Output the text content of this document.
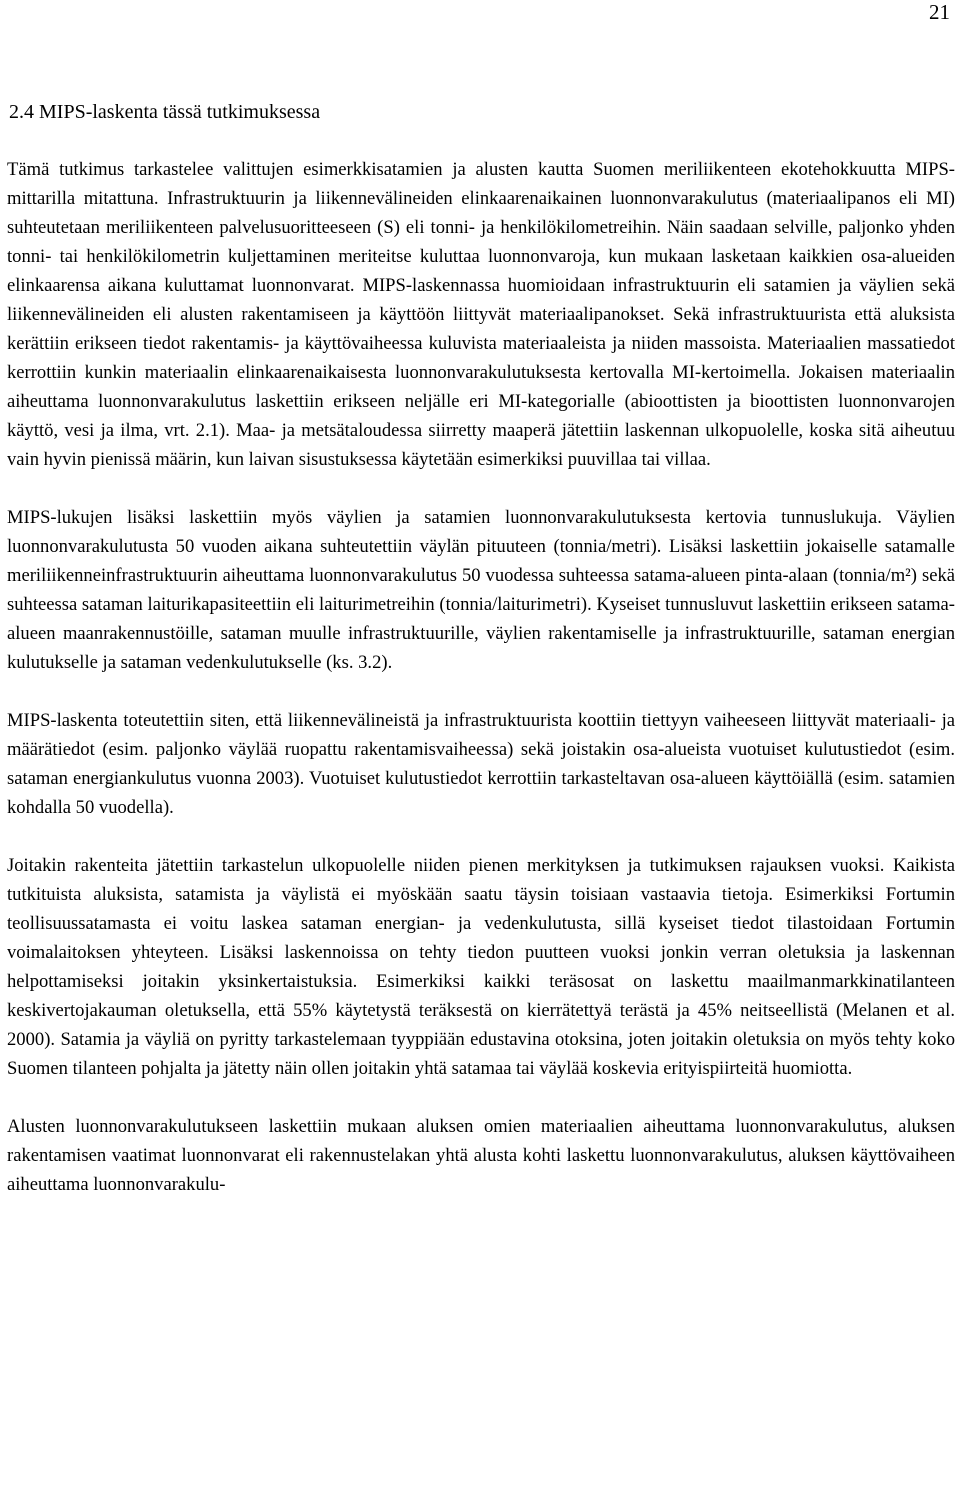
21
2.4 MIPS-laskenta tässä tutkimuksessa

Tämä tutkimus tarkastelee valittujen esimerkkisatamien ja alusten kautta Suomen meriliikenteen ekotehokkuutta MIPS-mittarilla mitattuna. Infrastruktuurin ja liikennevälineiden elinkaarenaikainen luonnonvarakulutus (materiaalipanos eli MI) suhteutetaan meriliikenteen palvelusuoritteeseen (S) eli tonni- ja henkilökilometreihin. Näin saadaan selville, paljonko yhden tonni- tai henkilökilometrin kuljettaminen meriteitse kuluttaa luonnonvaroja, kun mukaan lasketaan kaikkien osa-alueiden elinkaarensa aikana kuluttamat luonnonvarat. MIPS-laskennassa huomioidaan infrastruktuurin eli satamien ja väylien sekä liikennevälineiden eli alusten rakentamiseen ja käyttöön liittyvät materiaalipanokset. Sekä infrastruktuurista että aluksista kerättiin erikseen tiedot rakentamis- ja käyttövaiheessa kuluvista materiaaleista ja niiden massoista. Materiaalien massatiedot kerrottiin kunkin materiaalin elinkaarenaikaisesta luonnonvarakulutuksesta kertovalla MI-kertoimella. Jokaisen materiaalin aiheuttama luonnonvarakulutus laskettiin erikseen neljälle eri MI-kategorialle (abioottisten ja bioottisten luonnonvarojen käyttö, vesi ja ilma, vrt. 2.1). Maa- ja metsätaloudessa siirretty maaperä jätettiin laskennan ulkopuolelle, koska sitä aiheutuu vain hyvin pienissä määrin, kun laivan sisustuksessa käytetään esimerkiksi puuvillaa tai villaa.

MIPS-lukujen lisäksi laskettiin myös väylien ja satamien luonnonvarakulutuksesta kertovia tunnuslukuja. Väylien luonnonvarakulutusta 50 vuoden aikana suhteutettiin väylän pituuteen (tonnia/metri). Lisäksi laskettiin jokaiselle satamalle meriliikenneinfrastruktuurin aiheuttama luonnonvarakulutus 50 vuodessa suhteessa satama-alueen pinta-alaan (tonnia/m²) sekä suhteessa sataman laiturikapasiteettiin eli laiturimetreihin (tonnia/laiturimetri). Kyseiset tunnusluvut laskettiin erikseen satama-alueen maanrakennustöille, sataman muulle infrastruktuurille, väylien rakentamiselle ja infrastruktuurille, sataman energian kulutukselle ja sataman vedenkulutukselle (ks. 3.2).

MIPS-laskenta toteutettiin siten, että liikennevälineistä ja infrastruktuurista koottiin tiettyyn vaiheeseen liittyvät materiaali- ja määrätiedot (esim. paljonko väylää ruopattu rakentamisvaiheessa) sekä joistakin osa-alueista vuotuiset kulutustiedot (esim. sataman energiankulutus vuonna 2003). Vuotuiset kulutustiedot kerrottiin tarkasteltavan osa-alueen käyttöiällä (esim. satamien kohdalla 50 vuodella).

Joitakin rakenteita jätettiin tarkastelun ulkopuolelle niiden pienen merkityksen ja tutkimuksen rajauksen vuoksi. Kaikista tutkituista aluksista, satamista ja väylistä ei myöskään saatu täysin toisiaan vastaavia tietoja. Esimerkiksi Fortumin teollisuussatamasta ei voitu laskea sataman energian- ja vedenkulutusta, sillä kyseiset tiedot tilastoidaan Fortumin voimalaitoksen yhteyteen. Lisäksi laskennoissa on tehty tiedon puutteen vuoksi jonkin verran oletuksia ja laskennan helpottamiseksi joitakin yksinkertaistuksia. Esimerkiksi kaikki teräsosat on laskettu maailmanmarkkinatilanteen keskivertojakauman oletuksella, että 55% käytetystä teräksestä on kierrätettyä terästä ja 45% neitseellistä (Melanen et al. 2000). Satamia ja väyliä on pyritty tarkastelemaan tyyppiään edustavina otoksina, joten joitakin oletuksia on myös tehty koko Suomen tilanteen pohjalta ja jätetty näin ollen joitakin yhtä satamaa tai väylää koskevia erityispiirteitä huomiotta.

Alusten luonnonvarakulutukseen laskettiin mukaan aluksen omien materiaalien aiheuttama luonnonvarakulutus, aluksen rakentamisen vaatimat luonnonvarat eli rakennustelakan yhtä alusta kohti laskettu luonnonvarakulutus, aluksen käyttövaiheen aiheuttama luonnonvarakulu-
